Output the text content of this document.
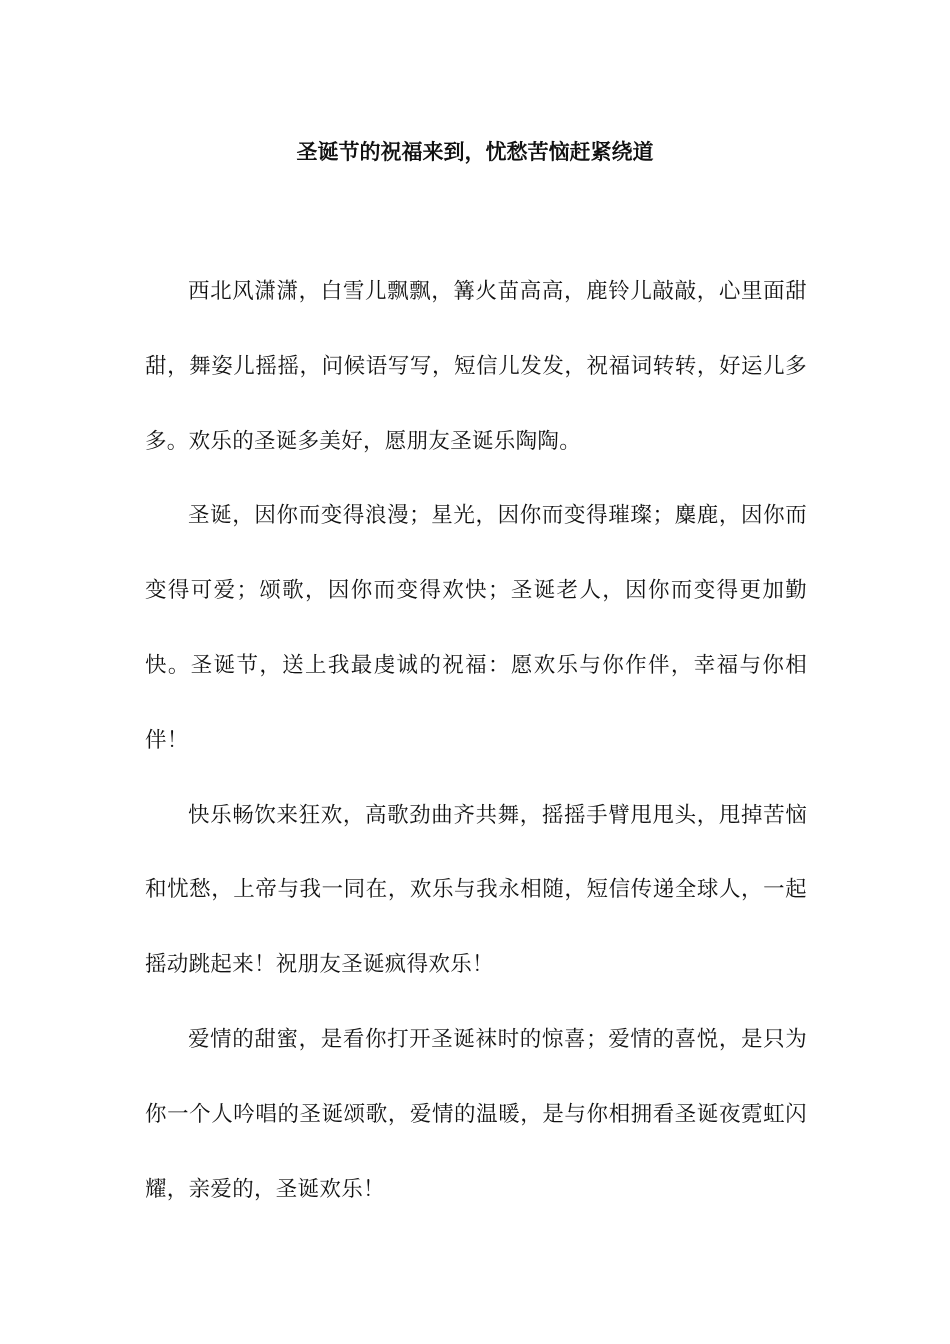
圣诞节的祝福来到，忧愁苦恼赶紧绕道

西北风潇潇，白雪儿飘飘，篝火苗高高，鹿铃儿敲敲，心里面甜甜，舞姿儿摇摇，问候语写写，短信儿发发，祝福词转转，好运儿多多。欢乐的圣诞多美好，愿朋友圣诞乐陶陶。

圣诞，因你而变得浪漫；星光，因你而变得璀璨；麋鹿，因你而变得可爱；颂歌，因你而变得欢快；圣诞老人，因你而变得更加勤快。圣诞节，送上我最虔诚的祝福：愿欢乐与你作伴，幸福与你相伴！

快乐畅饮来狂欢，高歌劲曲齐共舞，摇摇手臂甩甩头，甩掉苦恼和忧愁，上帝与我一同在，欢乐与我永相随，短信传递全球人，一起摇动跳起来！祝朋友圣诞疯得欢乐！

爱情的甜蜜，是看你打开圣诞袜时的惊喜；爱情的喜悦，是只为你一个人吟唱的圣诞颂歌，爱情的温暖，是与你相拥看圣诞夜霓虹闪耀，亲爱的，圣诞欢乐！
